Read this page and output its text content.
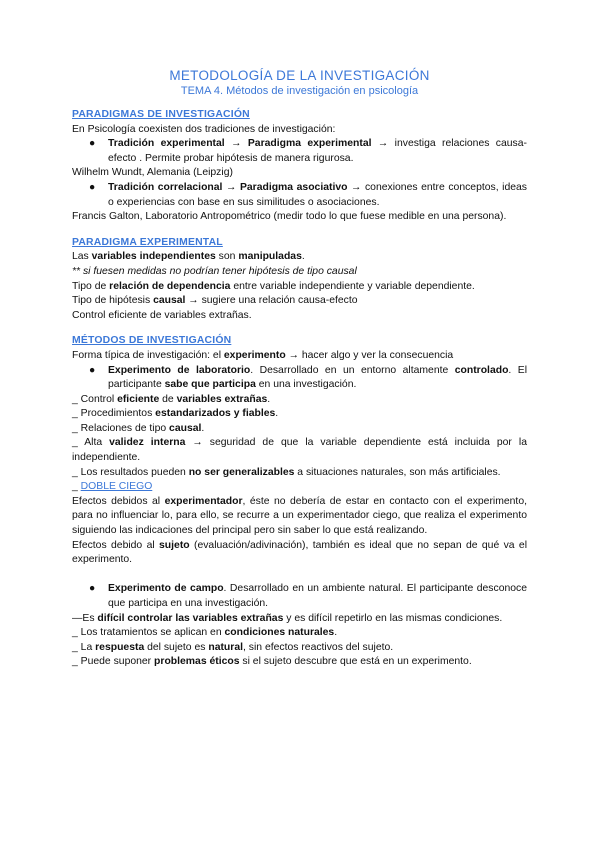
METODOLOGÍA DE LA INVESTIGACIÓN
TEMA 4. Métodos de investigación en psicología
PARADIGMAS DE INVESTIGACIÓN

En Psicología coexisten dos tradiciones de investigación:

● Tradición experimental → Paradigma experimental → investiga relaciones causa-efecto . Permite probar hipótesis de manera rigurosa.

Wilhelm Wundt, Alemania (Leipzig)

● Tradición correlacional → Paradigma asociativo → conexiones entre conceptos, ideas o experiencias con base en sus similitudes o asociaciones.

Francis Galton, Laboratorio Antropométrico (medir todo lo que fuese medible en una persona).

PARADIGMA EXPERIMENTAL

Las variables independientes son manipuladas.

** si fuesen medidas no podrían tener hipótesis de tipo causal

Tipo de relación de dependencia entre variable independiente y variable dependiente.

Tipo de hipótesis causal → sugiere una relación causa-efecto

Control eficiente de variables extrañas.

MÉTODOS DE INVESTIGACIÓN

Forma típica de investigación: el experimento → hacer algo y ver la consecuencia

● Experimento de laboratorio. Desarrollado en un entorno altamente controlado. El participante sabe que participa en una investigación.

_ Control eficiente de variables extrañas.

_ Procedimientos estandarizados y fiables.

_ Relaciones de tipo causal.

_ Alta validez interna → seguridad de que la variable dependiente está incluida por la independiente.

_ Los resultados pueden no ser generalizables a situaciones naturales, son más artificiales.

_ DOBLE CIEGO

Efectos debidos al experimentador, éste no debería de estar en contacto con el experimento, para no influenciar lo, para ello, se recurre a un experimentador ciego, que realiza el experimento siguiendo las indicaciones del principal pero sin saber lo que está realizando.

Efectos debido al sujeto (evaluación/adivinación), también es ideal que no sepan de qué va el experimento.

● Experimento de campo. Desarrollado en un ambiente natural. El participante desconoce que participa en una investigación.

—Es difícil controlar las variables extrañas y es difícil repetirlo en las mismas condiciones.

_ Los tratamientos se aplican en condiciones naturales.

_ La respuesta del sujeto es natural, sin efectos reactivos del sujeto.

_ Puede suponer problemas éticos si el sujeto descubre que está en un experimento.
